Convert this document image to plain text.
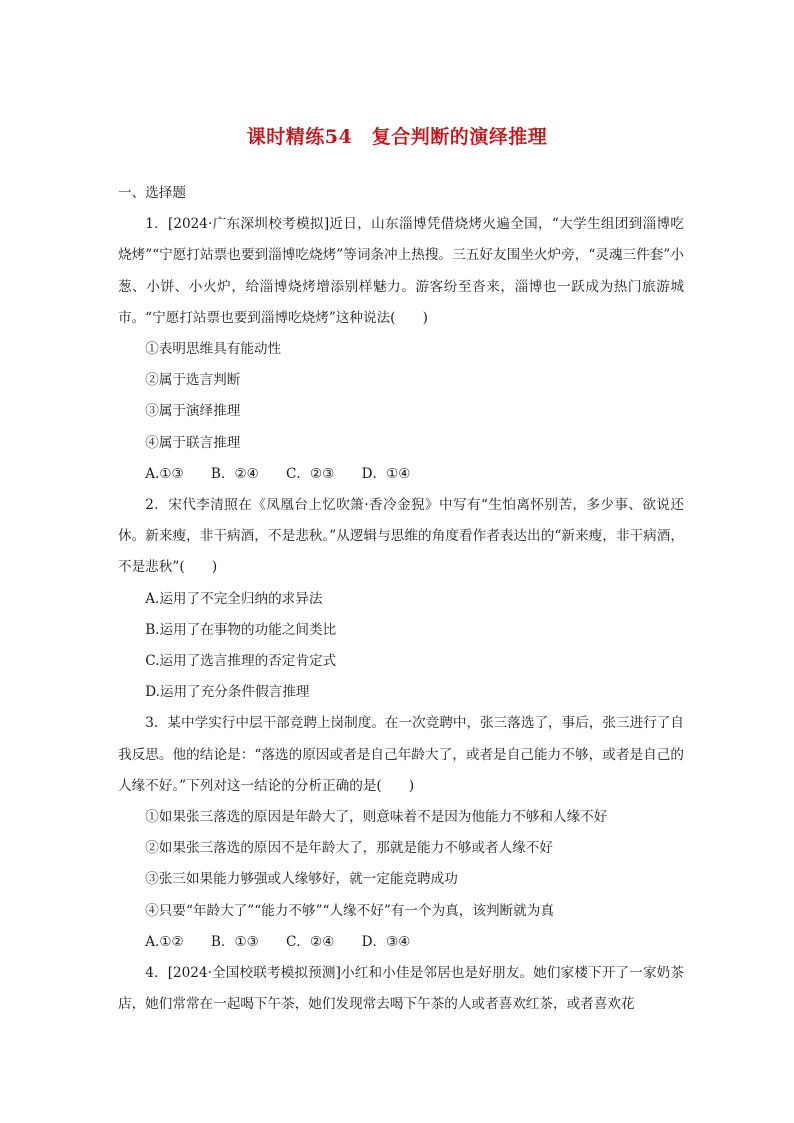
课时精练54　复合判断的演绎推理

一、选择题

1．[2024·广东深圳校考模拟]近日，山东淄博凭借烧烤火遍全国，“大学生组团到淄博吃烧烤”“宁愿打站票也要到淄博吃烧烤”等词条冲上热搜。三五好友围坐火炉旁，“灵魂三件套”小葱、小饼、小火炉，给淄博烧烤增添别样魅力。游客纷至沓来，淄博也一跃成为热门旅游城市。“宁愿打站票也要到淄博吃烧烤”这种说法(　　)

①表明思维具有能动性

②属于选言判断

③属于演绎推理

④属于联言推理

A.①③　　B．②④　　C．②③　　D．①④

2．宋代李清照在《凤凰台上忆吹箫·香冷金猊》中写有“生怕离怀别苦，多少事、欲说还休。新来瘦，非干病酒，不是悲秋。”从逻辑与思维的角度看作者表达出的“新来瘦，非干病酒，不是悲秋”(　　)

A.运用了不完全归纳的求异法

B.运用了在事物的功能之间类比

C.运用了选言推理的否定肯定式

D.运用了充分条件假言推理

3．某中学实行中层干部竞聘上岗制度。在一次竞聘中，张三落选了，事后，张三进行了自我反思。他的结论是：“落选的原因或者是自己年龄大了，或者是自己能力不够，或者是自己的人缘不好。”下列对这一结论的分析正确的是(　　)

①如果张三落选的原因是年龄大了，则意味着不是因为他能力不够和人缘不好

②如果张三落选的原因不是年龄大了，那就是能力不够或者人缘不好

③张三如果能力够强或人缘够好，就一定能竞聘成功

④只要“年龄大了”“能力不够”“人缘不好”有一个为真，该判断就为真

A.①②　　B．①③　　C．②④　　D．③④

4．[2024·全国校联考模拟预测]小红和小佳是邻居也是好朋友。她们家楼下开了一家奶茶店，她们常常在一起喝下午茶，她们发现常去喝下午茶的人或者喜欢红茶，或者喜欢花
